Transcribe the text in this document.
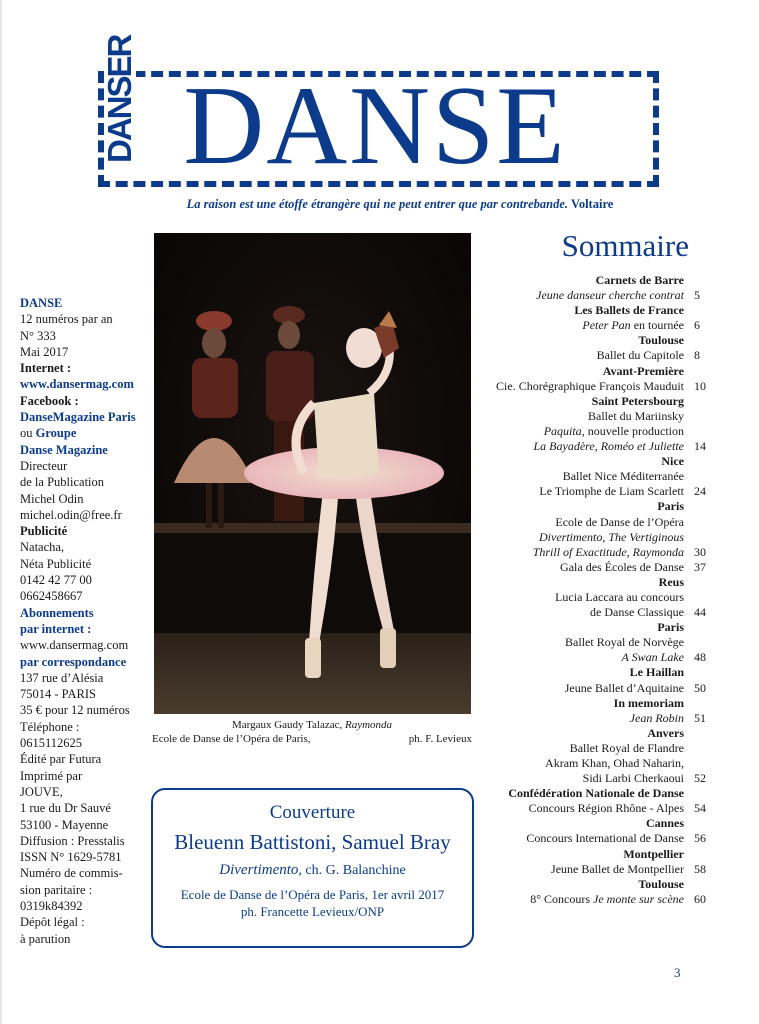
DANSER DANSE
La raison est une étoffe étrangère qui ne peut entrer que par contrebande. Voltaire
DANSE
12 numéros par an
N° 333
Mai 2017
Internet :
www.dansermag.com
Facebook :
DanseMagazine Paris
ou Groupe
Danse Magazine
Directeur
de la Publication
Michel Odin
michel.odin@free.fr
Publicité
Natacha,
Néta Publicité
0142 42 77 00
0662458667
Abonnements
par internet :
www.dansermag.com
par correspondance
137 rue d’Alésia
75014 - PARIS
35 € pour 12 numéros
Téléphone :
0615112625
Édité par Futura
Imprimé par
JOUVE,
1 rue du Dr Sauvé
53100 - Mayenne
Diffusion : Presstalis
ISSN N° 1629-5781
Numéro de commis-
sion paritaire :
0319k84392
Dépôt légal :
à parution
Margaux Gaudy Talazac, Raymonda
Ecole de Danse de l’Opéra de Paris,	ph. F. Levieux
Couverture
Bleuenn Battistoni, Samuel Bray
Divertimento, ch. G. Balanchine
Ecole de Danse de l’Opéra de Paris, 1er avril 2017
ph. Francette Levieux/ONP
Sommaire
Carnets de Barre
Jeune danseur cherche contrat 5
Les Ballets de France
Peter Pan en tournée 6
Toulouse
Ballet du Capitole 8
Avant-Première
Cie. Chorégraphique François Mauduit 10
Saint Petersbourg
Ballet du Mariinsky
Paquita, nouvelle production
La Bayadère, Roméo et Juliette 14
Nice
Ballet Nice Méditerranée
Le Triomphe de Liam Scarlett 24
Paris
Ecole de Danse de l’Opéra
Divertimento, The Vertiginous
Thrill of Exactitude, Raymonda 30
Gala des Écoles de Danse 37
Reus
Lucia Laccara au concours
de Danse Classique 44
Paris
Ballet Royal de Norvège
A Swan Lake 48
Le Haillan
Jeune Ballet d’Aquitaine 50
In memoriam
Jean Robin 51
Anvers
Ballet Royal de Flandre
Akram Khan, Ohad Naharin,
Sidi Larbi Cherkaoui 52
Confédération Nationale de Danse
Concours Région Rhône - Alpes 54
Cannes
Concours International de Danse 56
Montpellier
Jeune Ballet de Montpellier 58
Toulouse
8° Concours Je monte sur scène 60
3
